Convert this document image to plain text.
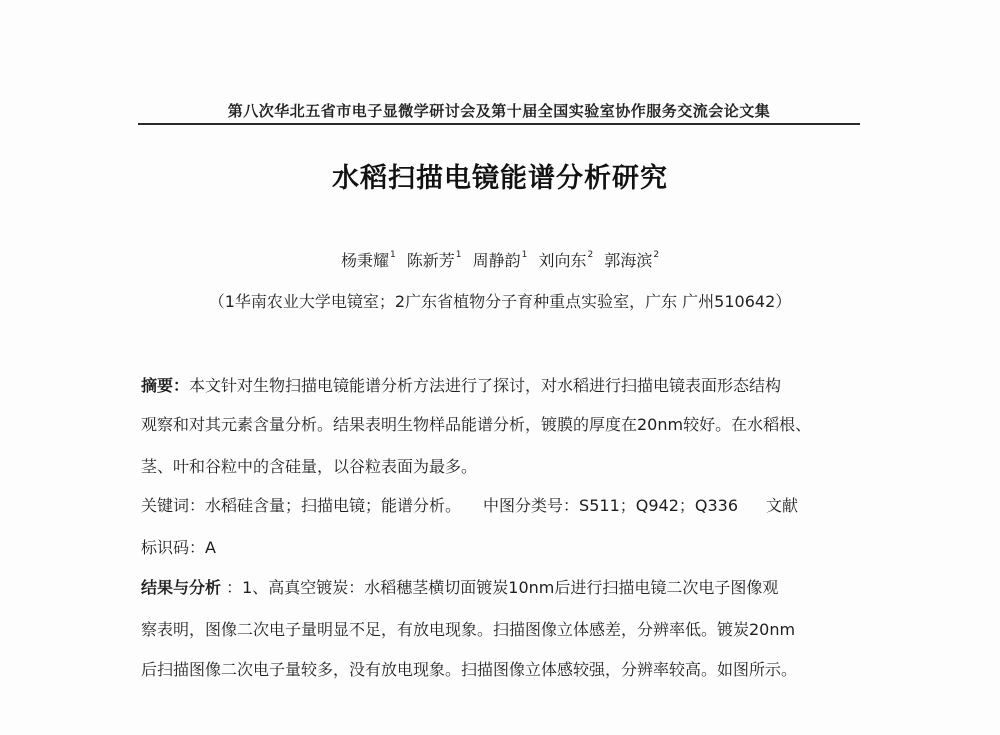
第八次华北五省市电子显微学研讨会及第十届全国实验室协作服务交流会论文集
水稻扫描电镜能谱分析研究
杨秉耀$^1$ 陈新芳$^1$ 周静韵$^1$ 刘向东$^2$ 郭海滨$^2$
（1华南农业大学电镜室；2广东省植物分子育种重点实验室，广东 广州510642）
摘要：本文针对生物扫描电镜能谱分析方法进行了探讨，对水稻进行扫描电镜表面形态结构
观察和对其元素含量分析。结果表明生物样品能谱分析，镀膜的厚度在20nm较好。在水稻根、
茎、叶和谷粒中的含硅量，以谷粒表面为最多。
关键词：水稻硅含量；扫描电镜；能谱分析。 中图分类号：S511；Q942；Q336 文献
标识码：A
结果与分析 ：1、高真空镀炭：水稻穗茎横切面镀炭10nm后进行扫描电镜二次电子图像观
察表明，图像二次电子量明显不足，有放电现象。扫描图像立体感差，分辨率低。镀炭20nm
后扫描图像二次电子量较多，没有放电现象。扫描图像立体感较强，分辨率较高。如图所示。
